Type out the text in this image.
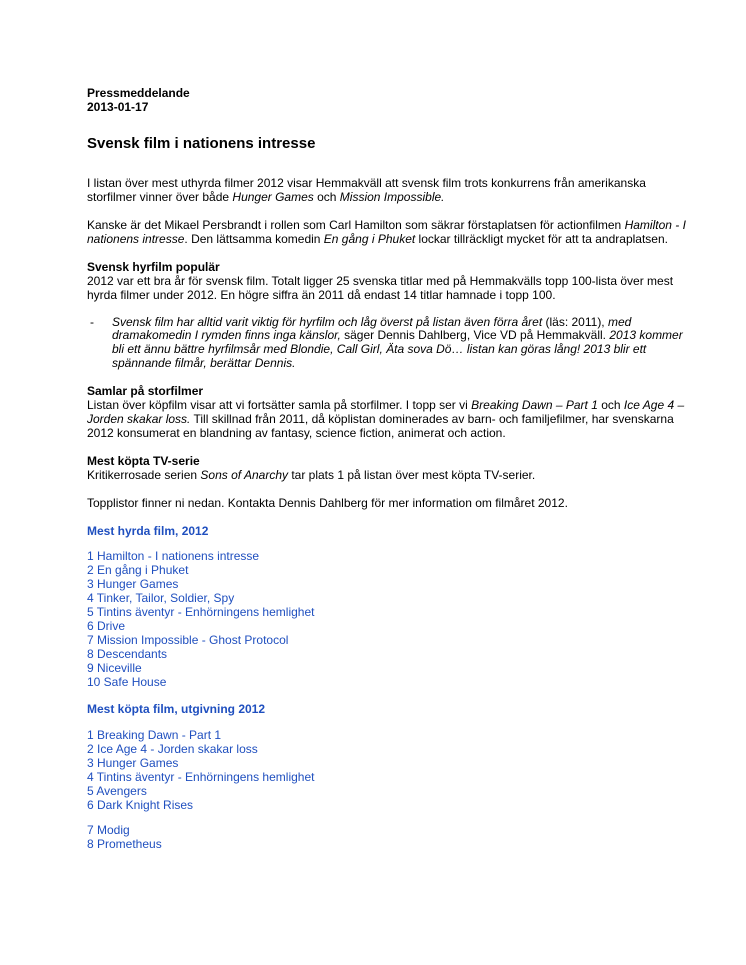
Pressmeddelande
2013-01-17
Svensk film i nationens intresse

I listan över mest uthyrda filmer 2012 visar Hemmakväll att svensk film trots konkurrens från amerikanska storfilmer vinner över både Hunger Games och Mission Impossible.

Kanske är det Mikael Persbrandt i rollen som Carl Hamilton som säkrar förstaplatsen för actionfilmen Hamilton - I nationens intresse. Den lättsamma komedin En gång i Phuket lockar tillräckligt mycket för att ta andraplatsen.

Svensk hyrfilm populär

2012 var ett bra år för svensk film. Totalt ligger 25 svenska titlar med på Hemmakvälls topp 100-lista över mest hyrda filmer under 2012. En högre siffra än 2011 då endast 14 titlar hamnade i topp 100.

- Svensk film har alltid varit viktig för hyrfilm och låg överst på listan även förra året (läs: 2011), med dramakomedin I rymden finns inga känslor, säger Dennis Dahlberg, Vice VD på Hemmakväll. 2013 kommer bli ett ännu bättre hyrfilmsår med Blondie, Call Girl, Äta sova Dö… listan kan göras lång! 2013 blir ett spännande filmår, berättar Dennis.
Samlar på storfilmer

Listan över köpfilm visar att vi fortsätter samla på storfilmer. I topp ser vi Breaking Dawn – Part 1 och Ice Age 4 – Jorden skakar loss. Till skillnad från 2011, då köplistan dominerades av barn- och familjefilmer, har svenskarna 2012 konsumerat en blandning av fantasy, science fiction, animerat och action.

Mest köpta TV-serie

Kritikerrosade serien Sons of Anarchy tar plats 1 på listan över mest köpta TV-serier.

Topplistor finner ni nedan. Kontakta Dennis Dahlberg för mer information om filmåret 2012.

Mest hyrda film, 2012
1 Hamilton - I nationens intresse
2 En gång i Phuket
3 Hunger Games
4 Tinker, Tailor, Soldier, Spy
5 Tintins äventyr - Enhörningens hemlighet
6 Drive
7 Mission Impossible - Ghost Protocol
8 Descendants
9 Niceville
10 Safe House
Mest köpta film, utgivning 2012
1 Breaking Dawn - Part 1
2 Ice Age 4 - Jorden skakar loss
3 Hunger Games
4 Tintins äventyr - Enhörningens hemlighet
5 Avengers
6 Dark Knight Rises
7 Modig
8 Prometheus
